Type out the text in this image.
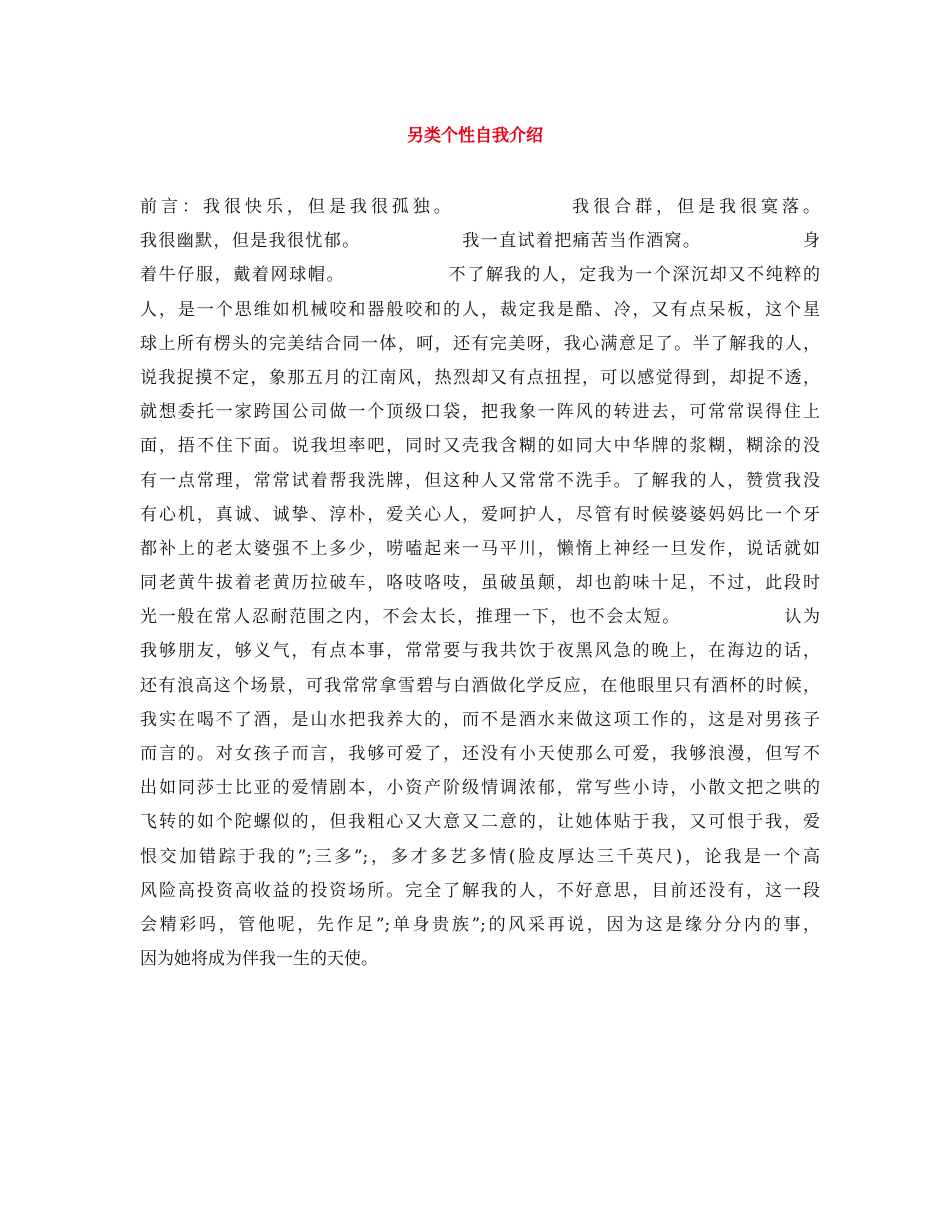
另类个性自我介绍
前言：我很快乐，但是我很孤独。　　　　　　我很合群，但是我很寞落。
我很幽默，但是我很忧郁。　　　　　　我一直试着把痛苦当作酒窝。　　　　　　身
着牛仔服，戴着网球帽。　　　　　　不了解我的人，定我为一个深沉却又不纯粹的
人，是一个思维如机械咬和器般咬和的人，裁定我是酷、冷，又有点呆板，这个星
球上所有楞头的完美结合同一体，呵，还有完美呀，我心满意足了。半了解我的人，
说我捉摸不定，象那五月的江南风，热烈却又有点扭捏，可以感觉得到，却捉不透，
就想委托一家跨国公司做一个顶级口袋，把我象一阵风的转进去，可常常误得住上
面，捂不住下面。说我坦率吧，同时又壳我含糊的如同大中华牌的浆糊，糊涂的没
有一点常理，常常试着帮我洗牌，但这种人又常常不洗手。了解我的人，赞赏我没
有心机，真诚、诚挚、淳朴，爱关心人，爱呵护人，尽管有时候婆婆妈妈比一个牙
都补上的老太婆强不上多少，唠嗑起来一马平川，懒惰上神经一旦发作，说话就如
同老黄牛拔着老黄历拉破车，咯吱咯吱，虽破虽颠，却也韵味十足，不过，此段时
光一般在常人忍耐范围之内，不会太长，推理一下，也不会太短。　　　　　　认为
我够朋友，够义气，有点本事，常常要与我共饮于夜黑风急的晚上，在海边的话，
还有浪高这个场景，可我常常拿雪碧与白酒做化学反应，在他眼里只有酒杯的时候，
我实在喝不了酒，是山水把我养大的，而不是酒水来做这项工作的，这是对男孩子
而言的。对女孩子而言，我够可爱了，还没有小天使那么可爱，我够浪漫，但写不
出如同莎士比亚的爱情剧本，小资产阶级情调浓郁，常写些小诗，小散文把之哄的
飞转的如个陀螺似的，但我粗心又大意又二意的，让她体贴于我，又可恨于我，爱
恨交加错踪于我的”;三多”;，多才多艺多情(脸皮厚达三千英尺)，论我是一个高
风险高投资高收益的投资场所。完全了解我的人，不好意思，目前还没有，这一段
会精彩吗，管他呢，先作足”;单身贵族”;的风采再说，因为这是缘分分内的事，
因为她将成为伴我一生的天使。
